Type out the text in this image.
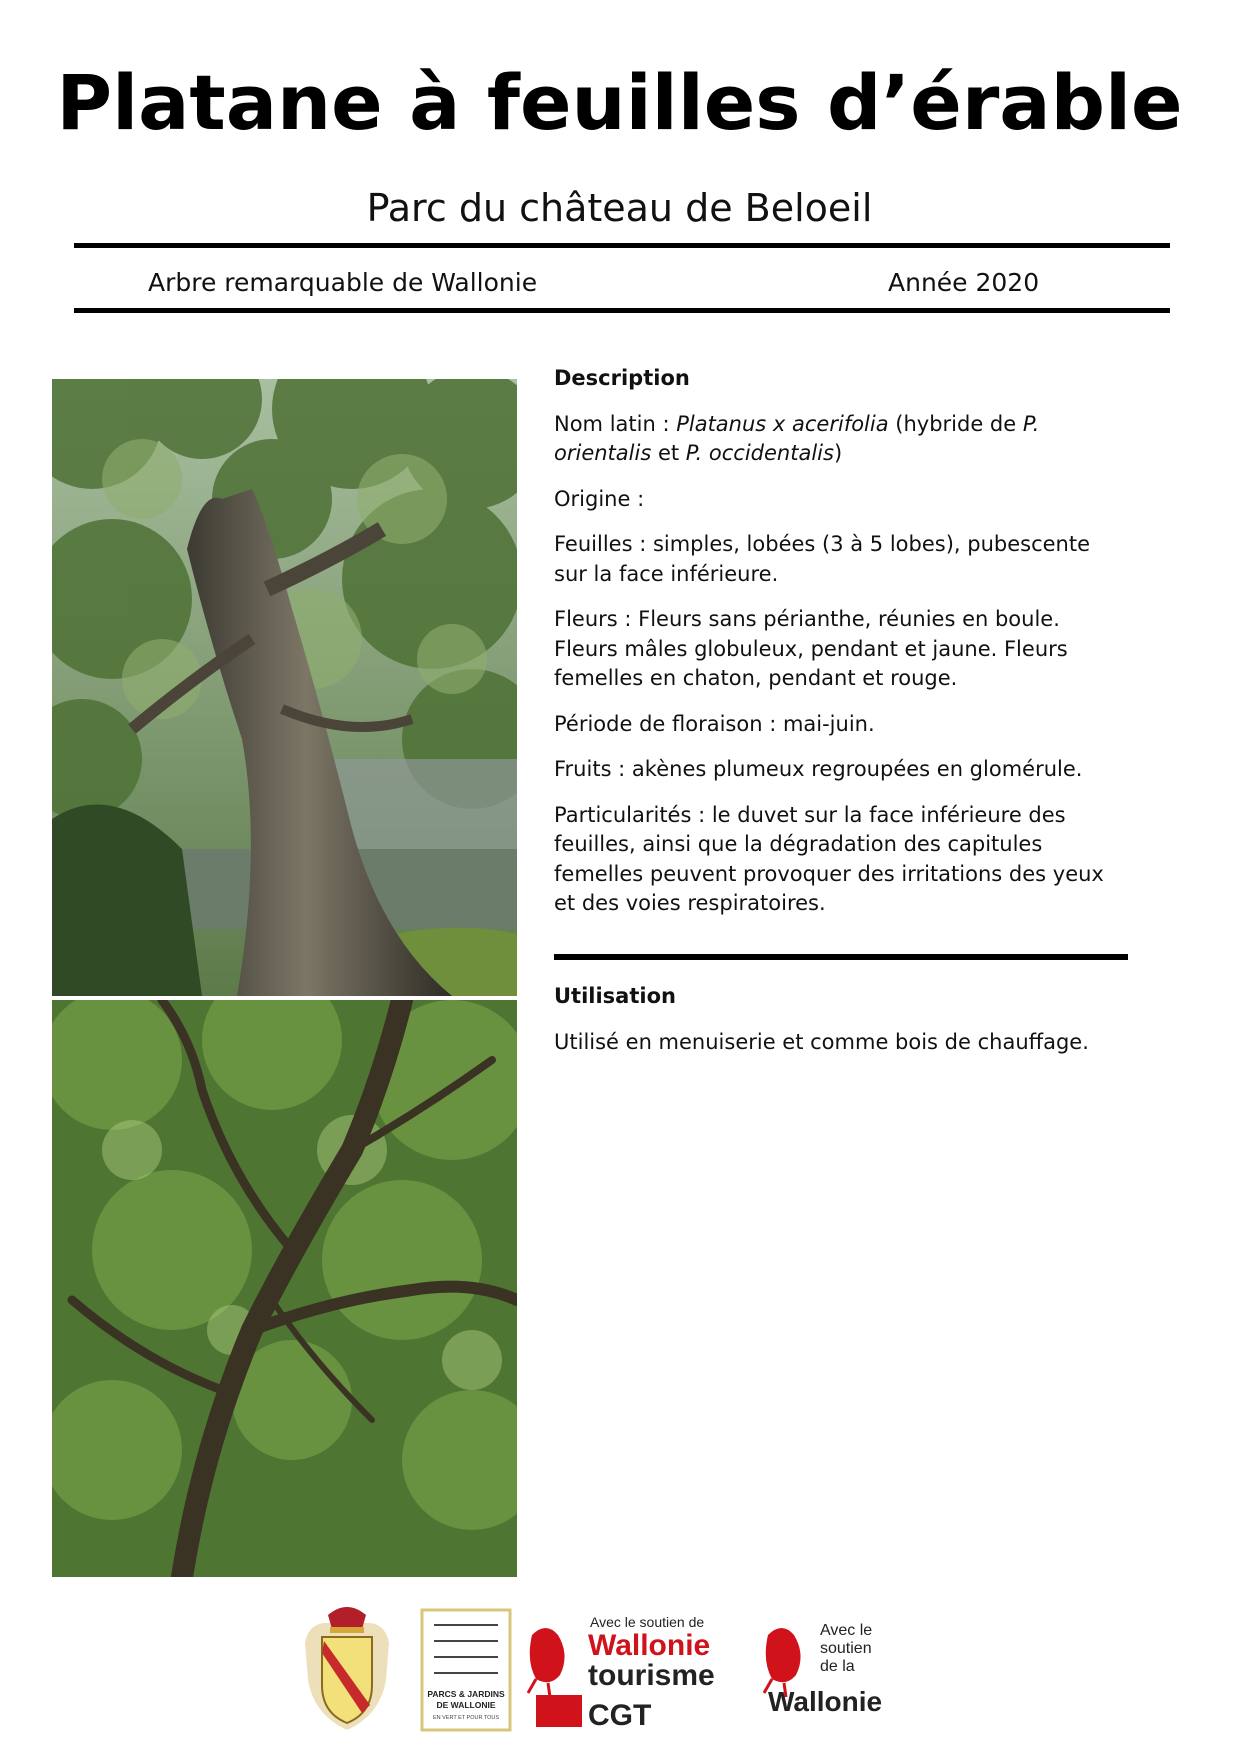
Platane à feuilles d’érable
Parc du château de Beloeil
Arbre remarquable de Wallonie	Année 2020

Description

Nom latin : Platanus x acerifolia (hybride de P. orientalis et P. occidentalis)

Origine :

Feuilles : simples, lobées (3 à 5 lobes), pubescente sur la face inférieure.

Fleurs : Fleurs sans périanthe, réunies en boule. Fleurs mâles globuleux, pendant et jaune. Fleurs femelles en chaton, pendant et rouge.

Période de floraison : mai-juin.

Fruits : akènes plumeux regroupées en glomérule.

Particularités : le duvet sur la face inférieure des feuilles, ainsi que la dégradation des capitules femelles peuvent provoquer des irritations des yeux et des voies respiratoires.

Utilisation

Utilisé en menuiserie et comme bois de chauffage.

PARCS & JARDINS
DE WALLONIE
EN VERT ET POUR TOUS
Avec le soutien de
Wallonie
tourisme
CGT
Avec le
soutien
de la
Wallonie
